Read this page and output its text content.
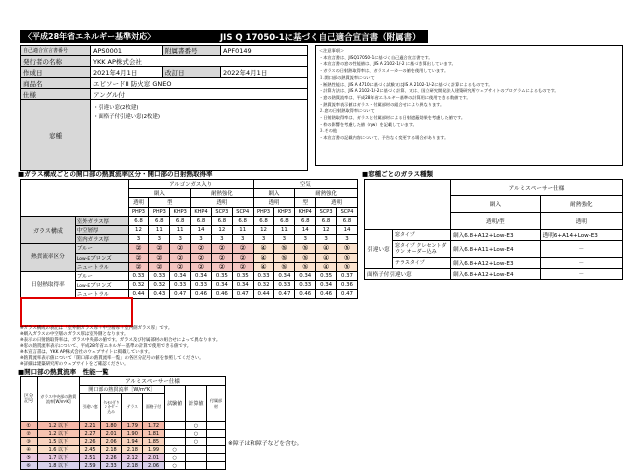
〈平成28年省エネルギー基準対応〉	JIS Q 17050-1に基づく自己適合宣言書（附属書）
自己適合宣言書番号	APS0001	附属書番号	APF0149
発行者の名称	YKK AP株式会社		
作成日	2021年4月1日	改訂日	2022年4月1日
商品名	エピソードⅡ 防火窓 GNEO		
仕様	アングル付		
窓種	・引違い窓(2枚建)
・面格子付引違い窓(2枚建)		
＜注意事項＞
・本宣言書は、JISQ17050-1に基づく自己適合宣言書です。
・本宣言書の窓の性能値は、JIS A 2102-1/-2 に基づき算出しています。
・ガラスの日射熱取得率は、ガラスメーカーの値を使用しています。
１.開口部の熱貫流率について
・断熱性能は、JIS A 4710に基づく試験又はJIS A 2102-1/-2に基づく計算によるものです。
・計算方法は、JIS A 2102-1/-2に基づく計算、又は、国立研究開発法人建築研究所ウェブサイトのプログラムによるものです。
・窓の熱貫流率は、平成28年省エネルギー基準の計算用に使用できる数値です。
・熱貫流率表示値はガラス・付属部材の組合せにより異なります。
２.窓の日射熱取得率について
・日射熱取得率は、ガラスと付属部材による日射遮蔽効果を考慮した値です。
・枠の影響を考慮した値（ηw）を記載しています。
３.その他
・本宣言書の記載内容について、予告なく変更する場合があります。
■ガラス構成ごとの開口部の熱貫流率区分・開口部の日射熱取得率
		アルゴンガス入り						空気				
		網入			耐熱強化			網入		耐熱強化		
		透明	型		透明			透明		型	透明	
		PHP3	PHP3	KHP3	KHP4	SCP3	SCP4	PHP3	KHP3	KHP4	SCP3	SCP4
ガラス構成	室外ガラス厚	6.8	6.8	6.8	6.8	6.8	6.8	6.8	6.8	6.8	6.8	6.8
	中空層厚	12	11	11	14	12	11	12	11	14	12	14
	室内ガラス厚	3	3	3	3	3	3	3	3	3	3	3
熱貫流率区分	ブルー	②	②	②	②	②	②	④	⑤	⑤	④	⑤
	Low-Eブロンズ	②	②	②	②	②	②	④	⑤	⑤	④	⑤
	ニュートラル	②	②	②	②	②	②	④	⑤	⑤	④	⑤
日射熱取得率	ブルー	0.33	0.33	0.34	0.34	0.35	0.35	0.33	0.34	0.34	0.35	0.37
	Low-Eブロンズ	0.32	0.32	0.33	0.33	0.34	0.34	0.32	0.33	0.33	0.34	0.36
	ニュートラル	0.44	0.43	0.47	0.46	0.46	0.47	0.44	0.47	0.46	0.46	0.47
■窓種ごとのガラス種類
		アルミスペーサー仕様	
		網入	耐熱強化
		透明/型	透明
引違い窓	窓タイプ	網入6.8+A12+Low-E3	透明6+A14+Low-E3
	窓タイプ クレセントダウン オーダー込み	網入6.8+A11+Low-E4	－
	テラスタイプ	網入6.8+A12+Low-E3	－
面格子付引違い窓		網入6.8+A12+Low-E4	－
※ガラス構成の表記は「室外側ガラス厚＋中空層厚＋室内側ガラス厚」です。
※網入ガラスの中空層のガラス厚は室外側となります。
※表示の日射熱取得率は、ガラス中央部の値です。ガラス及び付属部材の組合せによって異なります。
※窓の熱貫流率表示について、平成28年省エネルギー基準の計算で使用できる値です。
※本宣言書は、YKK AP株式会社のウェブサイトに掲載しています。
※熱貫流率表示値について「開口部の熱貫流率一覧」の各区分記号の値を参照してください。
※詳細は建築研究所のウェブサイトをご確認ください。
■開口部の熱貫流率　性能一覧
区分記号	ガラス中央部の熱貫流率[W/m²K]	アルミスペーサー仕様						
		開口部の熱貫流率［W/m²K］				試験値	計算値	付属部材
		引違い窓	ｸﾚｾﾝﾄﾀﾞｳﾝ ｵｰﾀﾞｰ込み	テラス	面格子付			
①	1.2 以下	2.21	1.80	1.79	1.72		○	
②	1.2 以下	2.27	2.01	1.90	1.81		○	
③	1.5 以下	2.26	2.06	1.94	1.85		○	
④	1.6 以下	2.45	2.18	2.18	1.99	○		
⑤	1.7 以下	2.51	2.26	2.12	2.01	○		
⑥	1.8 以下	2.59	2.33	2.18	2.06	○		
※障子は和障子などを含む。
